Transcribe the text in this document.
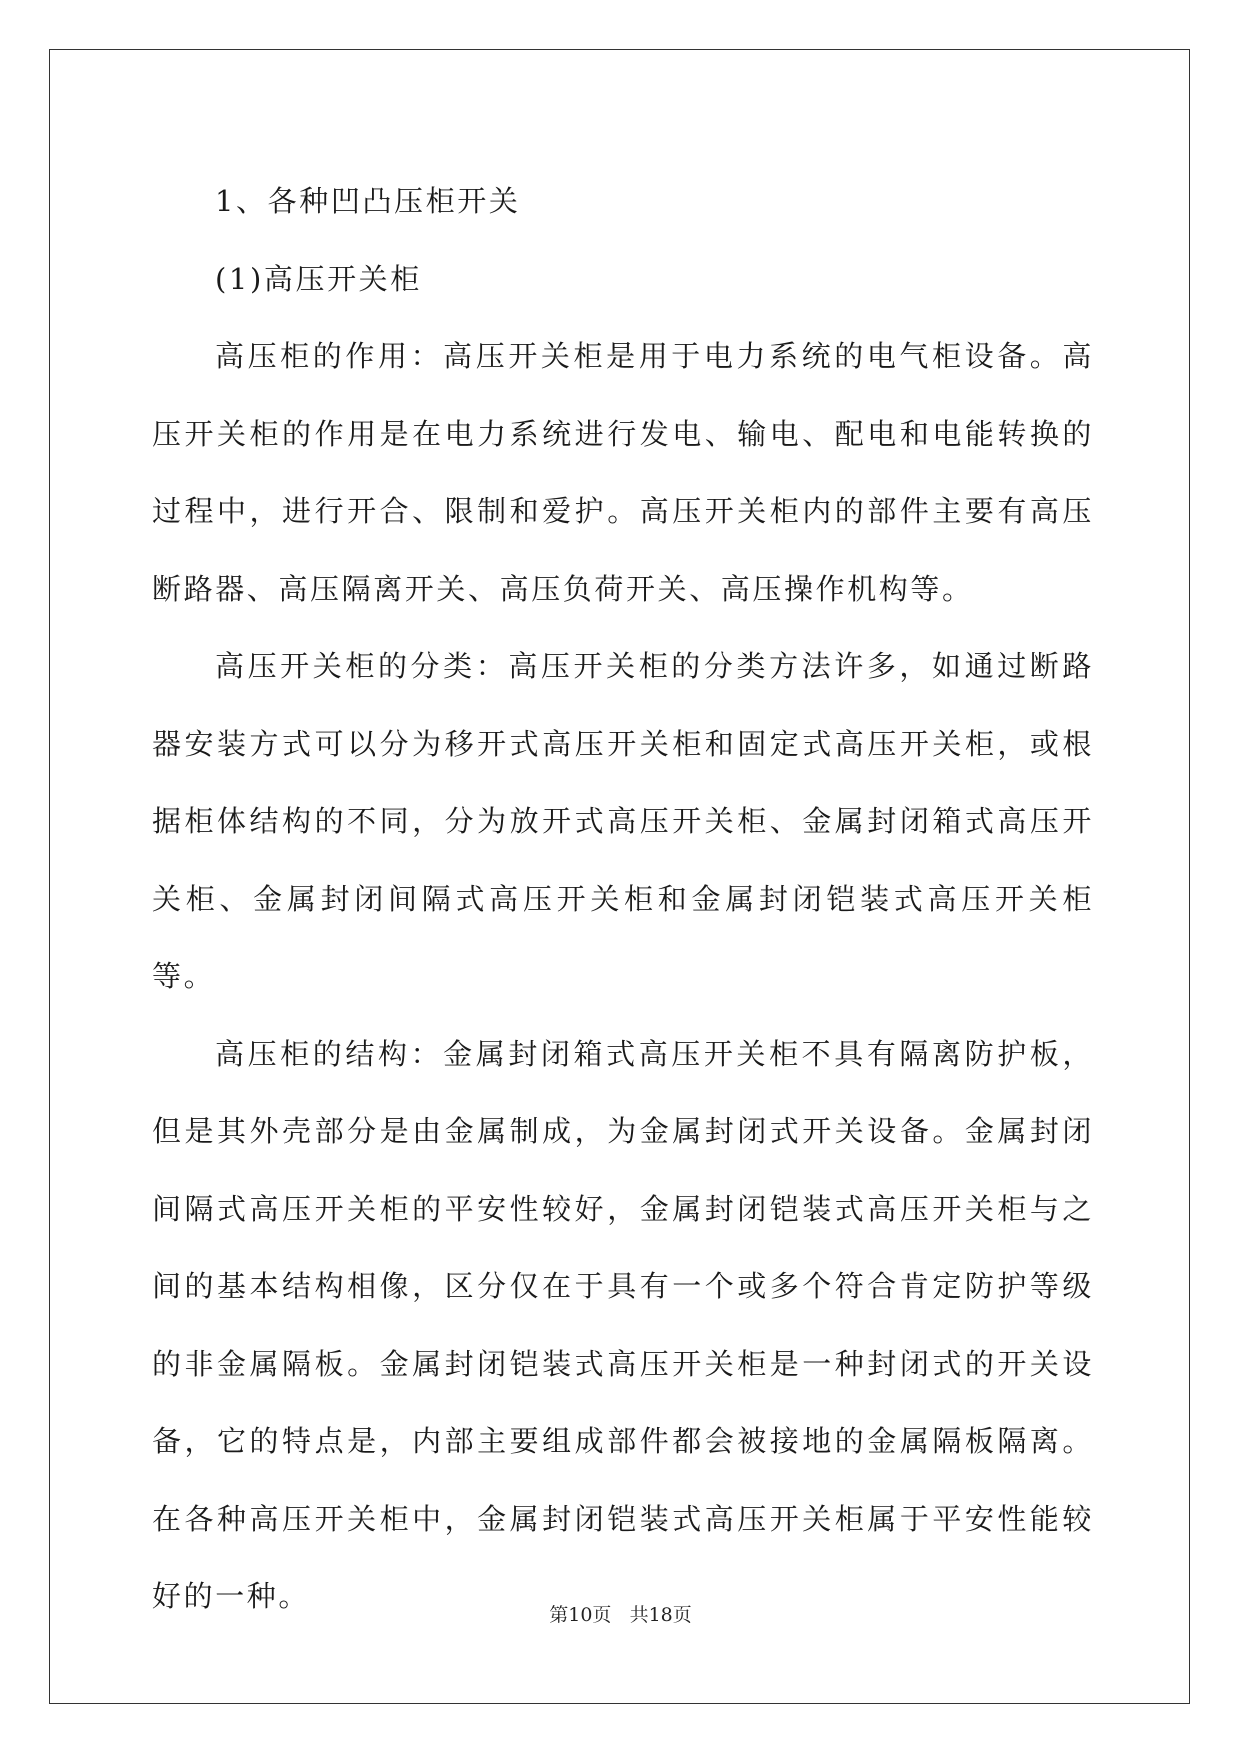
1、各种凹凸压柜开关

(1)高压开关柜

高压柜的作用：高压开关柜是用于电力系统的电气柜设备。高压开关柜的作用是在电力系统进行发电、输电、配电和电能转换的过程中，进行开合、限制和爱护。高压开关柜内的部件主要有高压断路器、高压隔离开关、高压负荷开关、高压操作机构等。

高压开关柜的分类：高压开关柜的分类方法许多，如通过断路器安装方式可以分为移开式高压开关柜和固定式高压开关柜，或根据柜体结构的不同，分为放开式高压开关柜、金属封闭箱式高压开关柜、金属封闭间隔式高压开关柜和金属封闭铠装式高压开关柜等。

高压柜的结构：金属封闭箱式高压开关柜不具有隔离防护板，但是其外壳部分是由金属制成，为金属封闭式开关设备。金属封闭间隔式高压开关柜的平安性较好，金属封闭铠装式高压开关柜与之间的基本结构相像，区分仅在于具有一个或多个符合肯定防护等级的非金属隔板。金属封闭铠装式高压开关柜是一种封闭式的开关设备，它的特点是，内部主要组成部件都会被接地的金属隔板隔离。在各种高压开关柜中，金属封闭铠装式高压开关柜属于平安性能较好的一种。

第10页 共18页
